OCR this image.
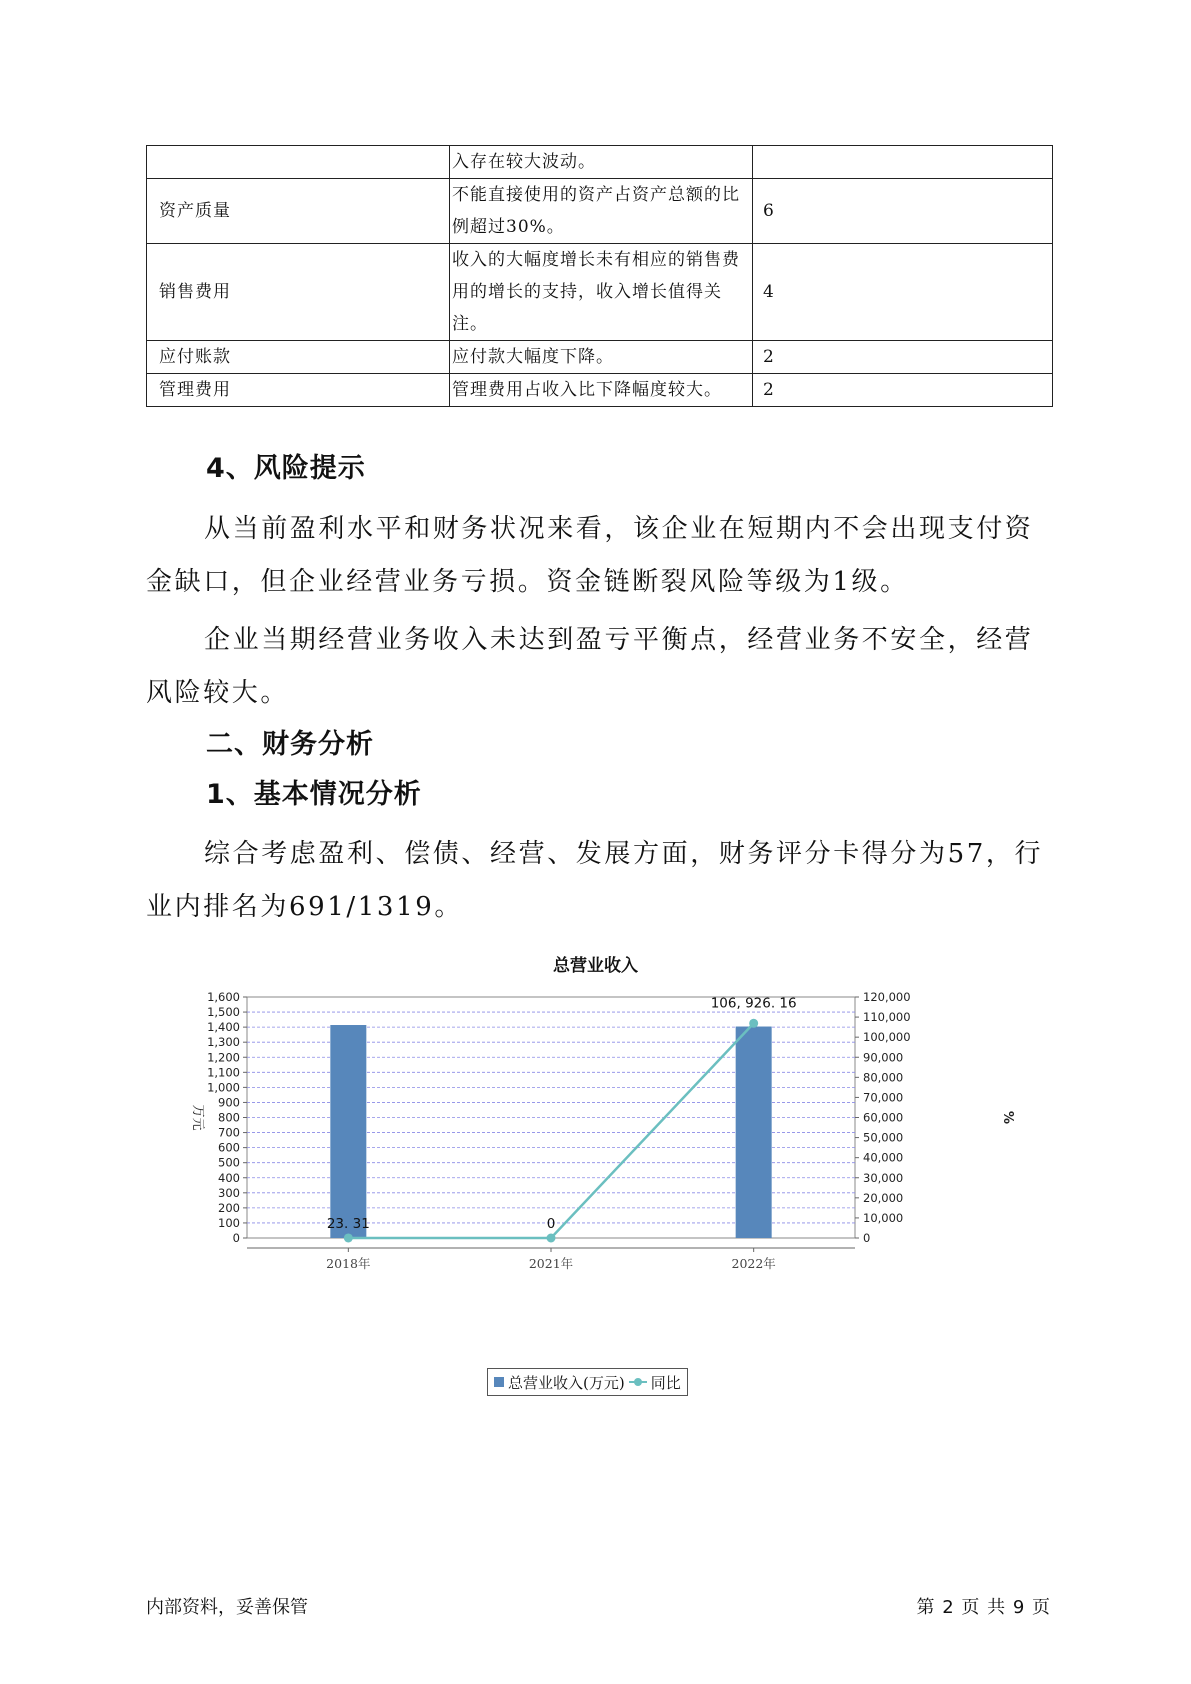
	入存在较大波动。	
资产质量	不能直接使用的资产占资产总额的比例超过30%。	6
销售费用	收入的大幅度增长未有相应的销售费用的增长的支持，收入增长值得关注。	4
应付账款	应付款大幅度下降。	2
管理费用	管理费用占收入比下降幅度较大。	2
4、风险提示
从当前盈利水平和财务状况来看，该企业在短期内不会出现支付资金缺口，但企业经营业务亏损。资金链断裂风险等级为1级。
企业当期经营业务收入未达到盈亏平衡点，经营业务不安全，经营风险较大。
二、财务分析
1、基本情况分析
综合考虑盈利、偿债、经营、发展方面，财务评分卡得分为57，行业内排名为691/1319。
总营业收入
0
100
200
300
400
500
600
700
800
900
1,000
1,100
1,200
1,300
1,400
1,500
1,600
0
10,000
20,000
30,000
40,000
50,000
60,000
70,000
80,000
90,000
100,000
110,000
120,000
万元	%
2018年	2021年	2022年
23. 31	0
106, 926. 16
总营业收入(万元) 同比
内部资料，妥善保管	第 2 页 共 9 页
